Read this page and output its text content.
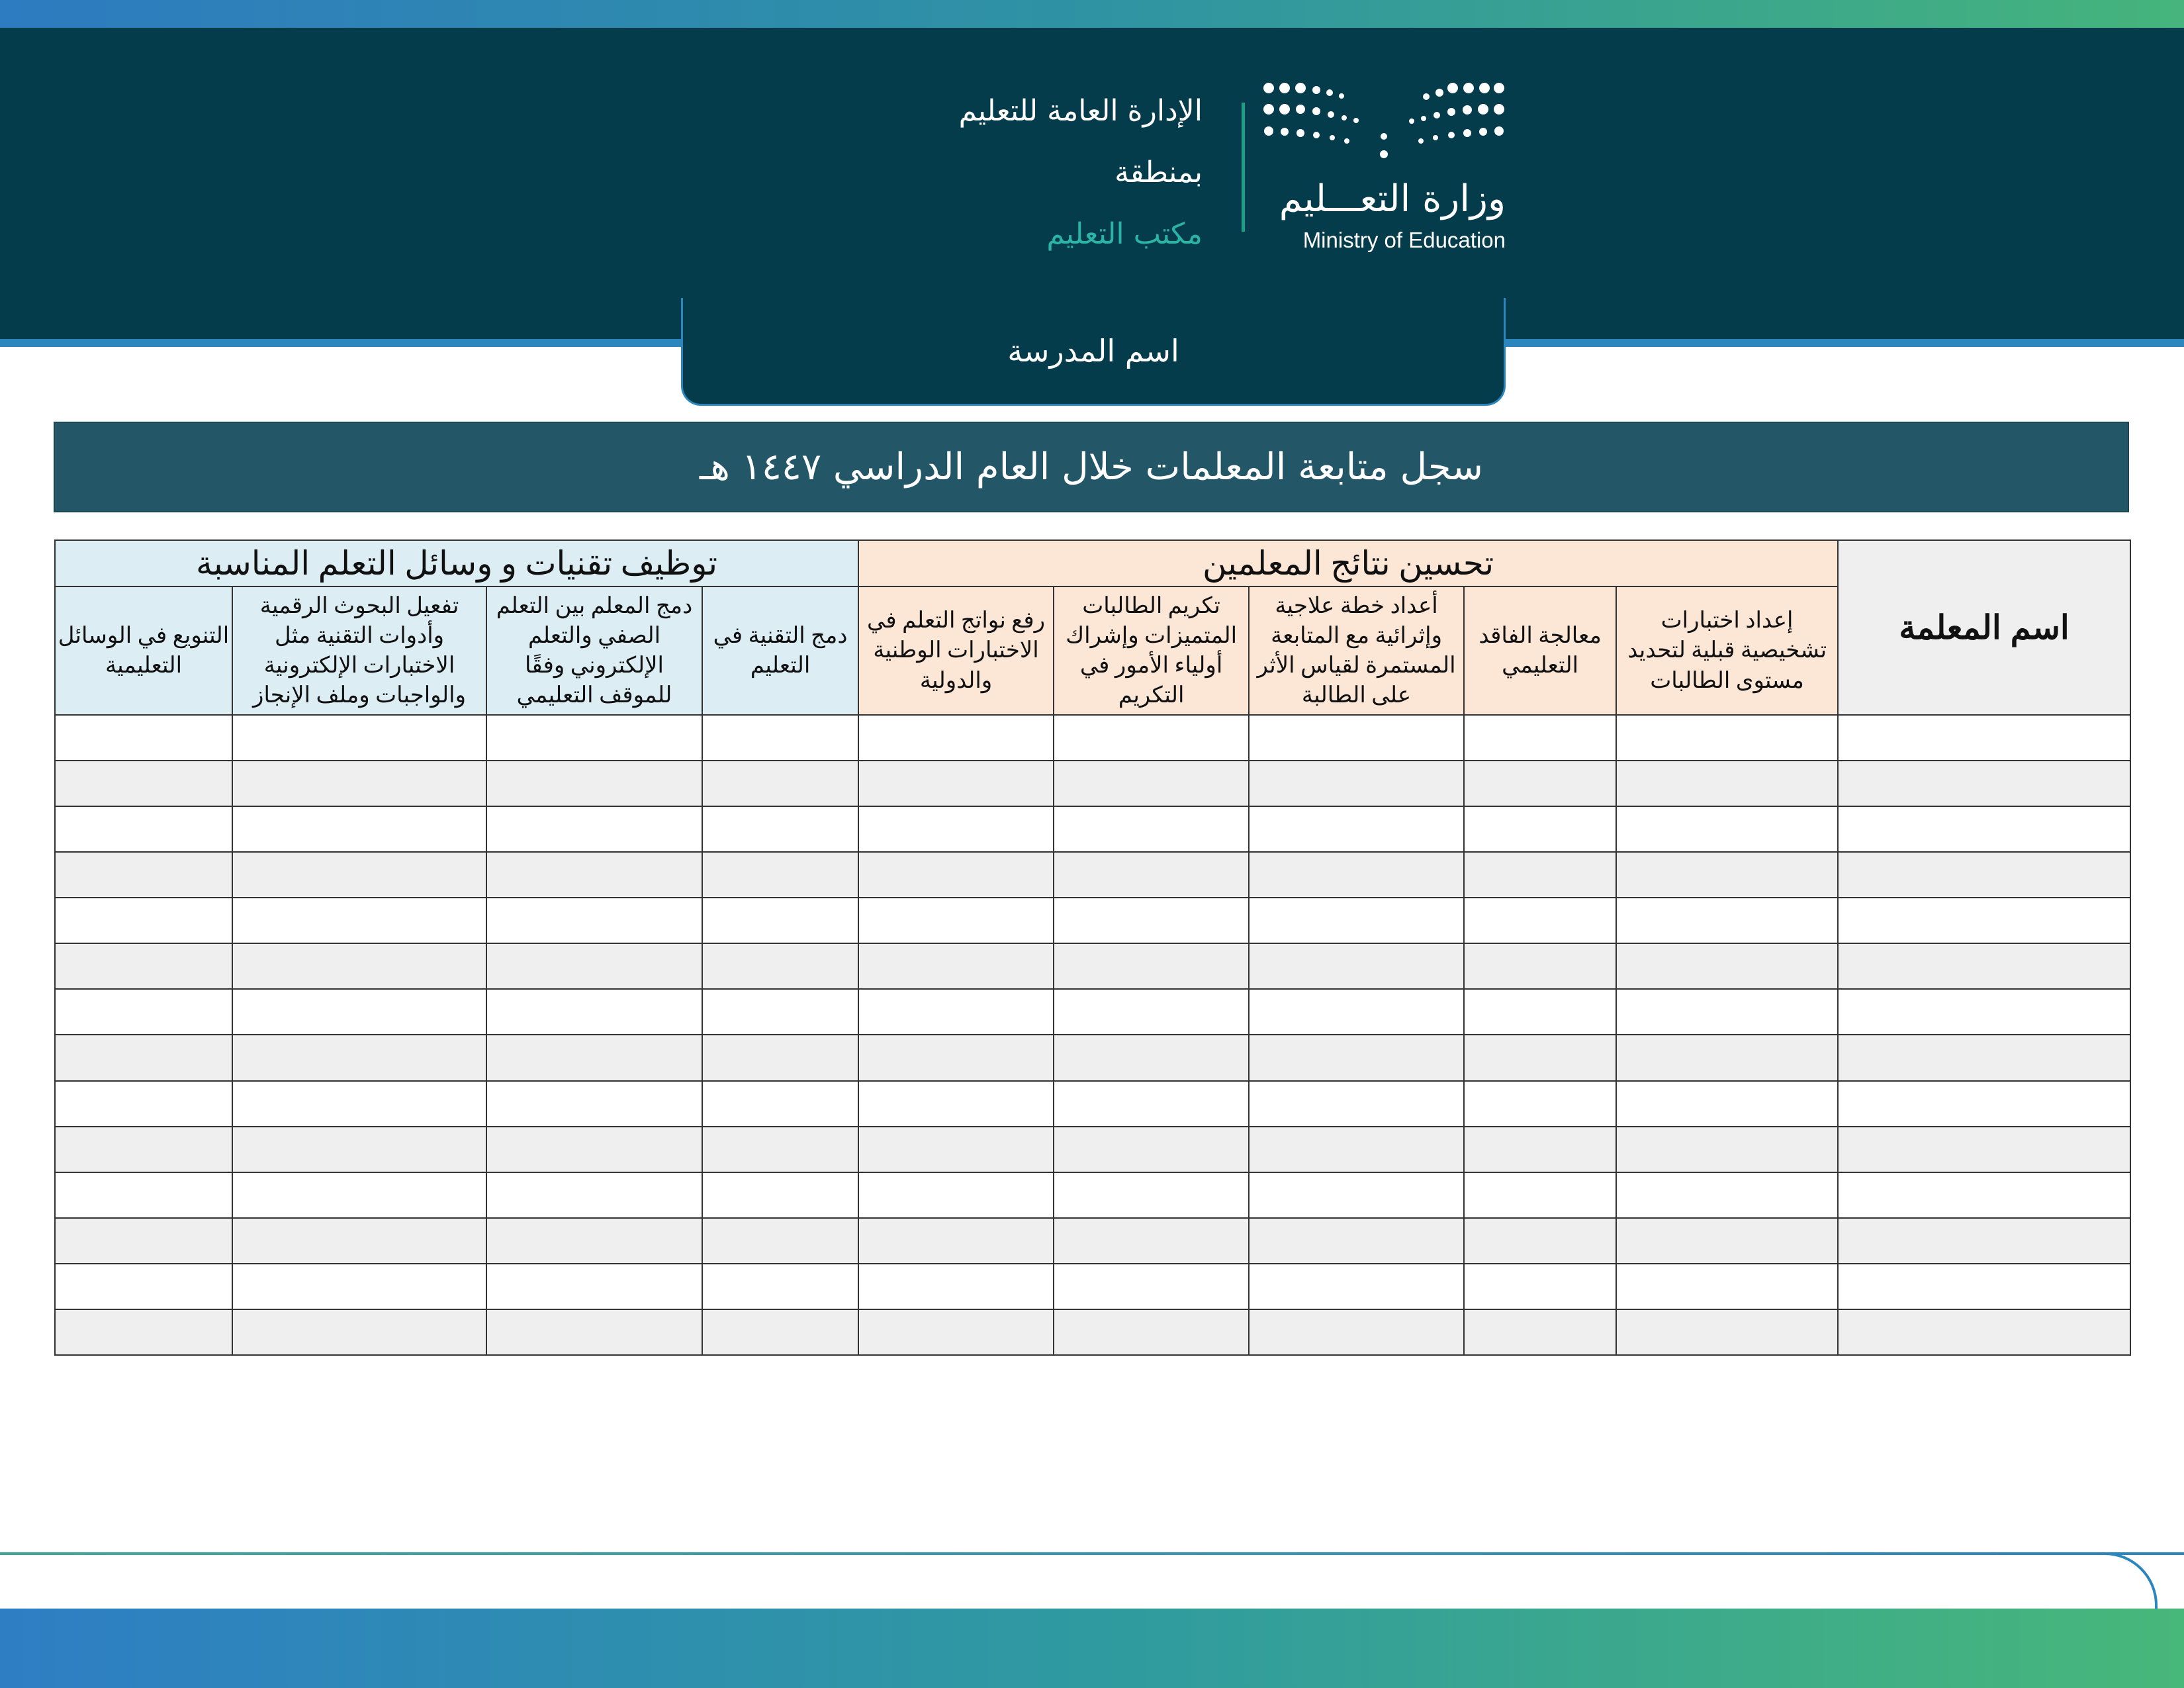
وزارة التعـــليم
Ministry of Education
الإدارة العامة للتعليم
بمنطقة
مكتب التعليم
اسم المدرسة
سجل متابعة المعلمات خلال العام الدراسي ١٤٤٧ هـ
اسم المعلمة	تحسين نتائج المعلمين					توظيف تقنيات و وسائل التعلم المناسبة			
	إعداد اختبارات تشخيصية قبلية لتحديد مستوى الطالبات	معالجة الفاقد التعليمي	أعداد خطة علاجية وإثرائية مع المتابعة المستمرة لقياس الأثر على الطالبة	تكريم الطالبات المتميزات وإشراك أولياء الأمور في التكريم	رفع نواتج التعلم في الاختبارات الوطنية والدولية	دمج التقنية في التعليم	دمج المعلم بين التعلم الصفي والتعلم الإلكتروني وفقًا للموقف التعليمي	تفعيل البحوث الرقمية وأدوات التقنية مثل الاختبارات الإلكترونية والواجبات وملف الإنجاز	التنويع في الوسائل التعليمية
